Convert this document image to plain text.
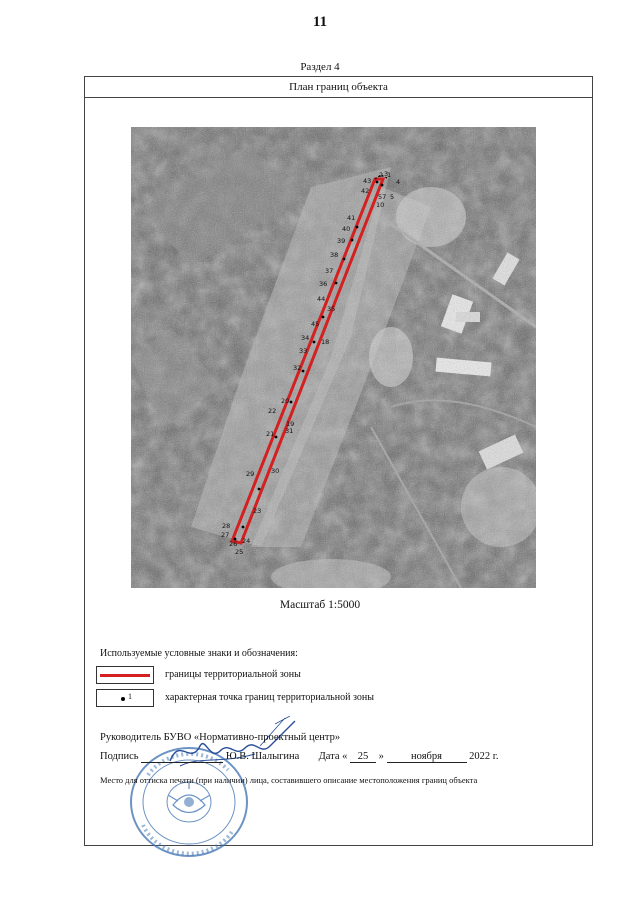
11
Раздел 4
План границ объекта
1
2 3
4
5
57
10
41
40
39
38
37
36
35
18
34
33
32
31
30
29
28
27
26
25
24
23
22
21
20
19
43
42
44
45
Масштаб 1:5000
Используемые условные знаки и обозначения:
границы территориальной зоны
1	характерная точка границ территориальной зоны
Руководитель БУВО «Нормативно-проектный центр»
Подпись	Ю.В. Шалыгина Дата « 25 »	ноября	2022 г.
Место для оттиска печати (при наличии) лица, составившего описание местоположения границ объекта
